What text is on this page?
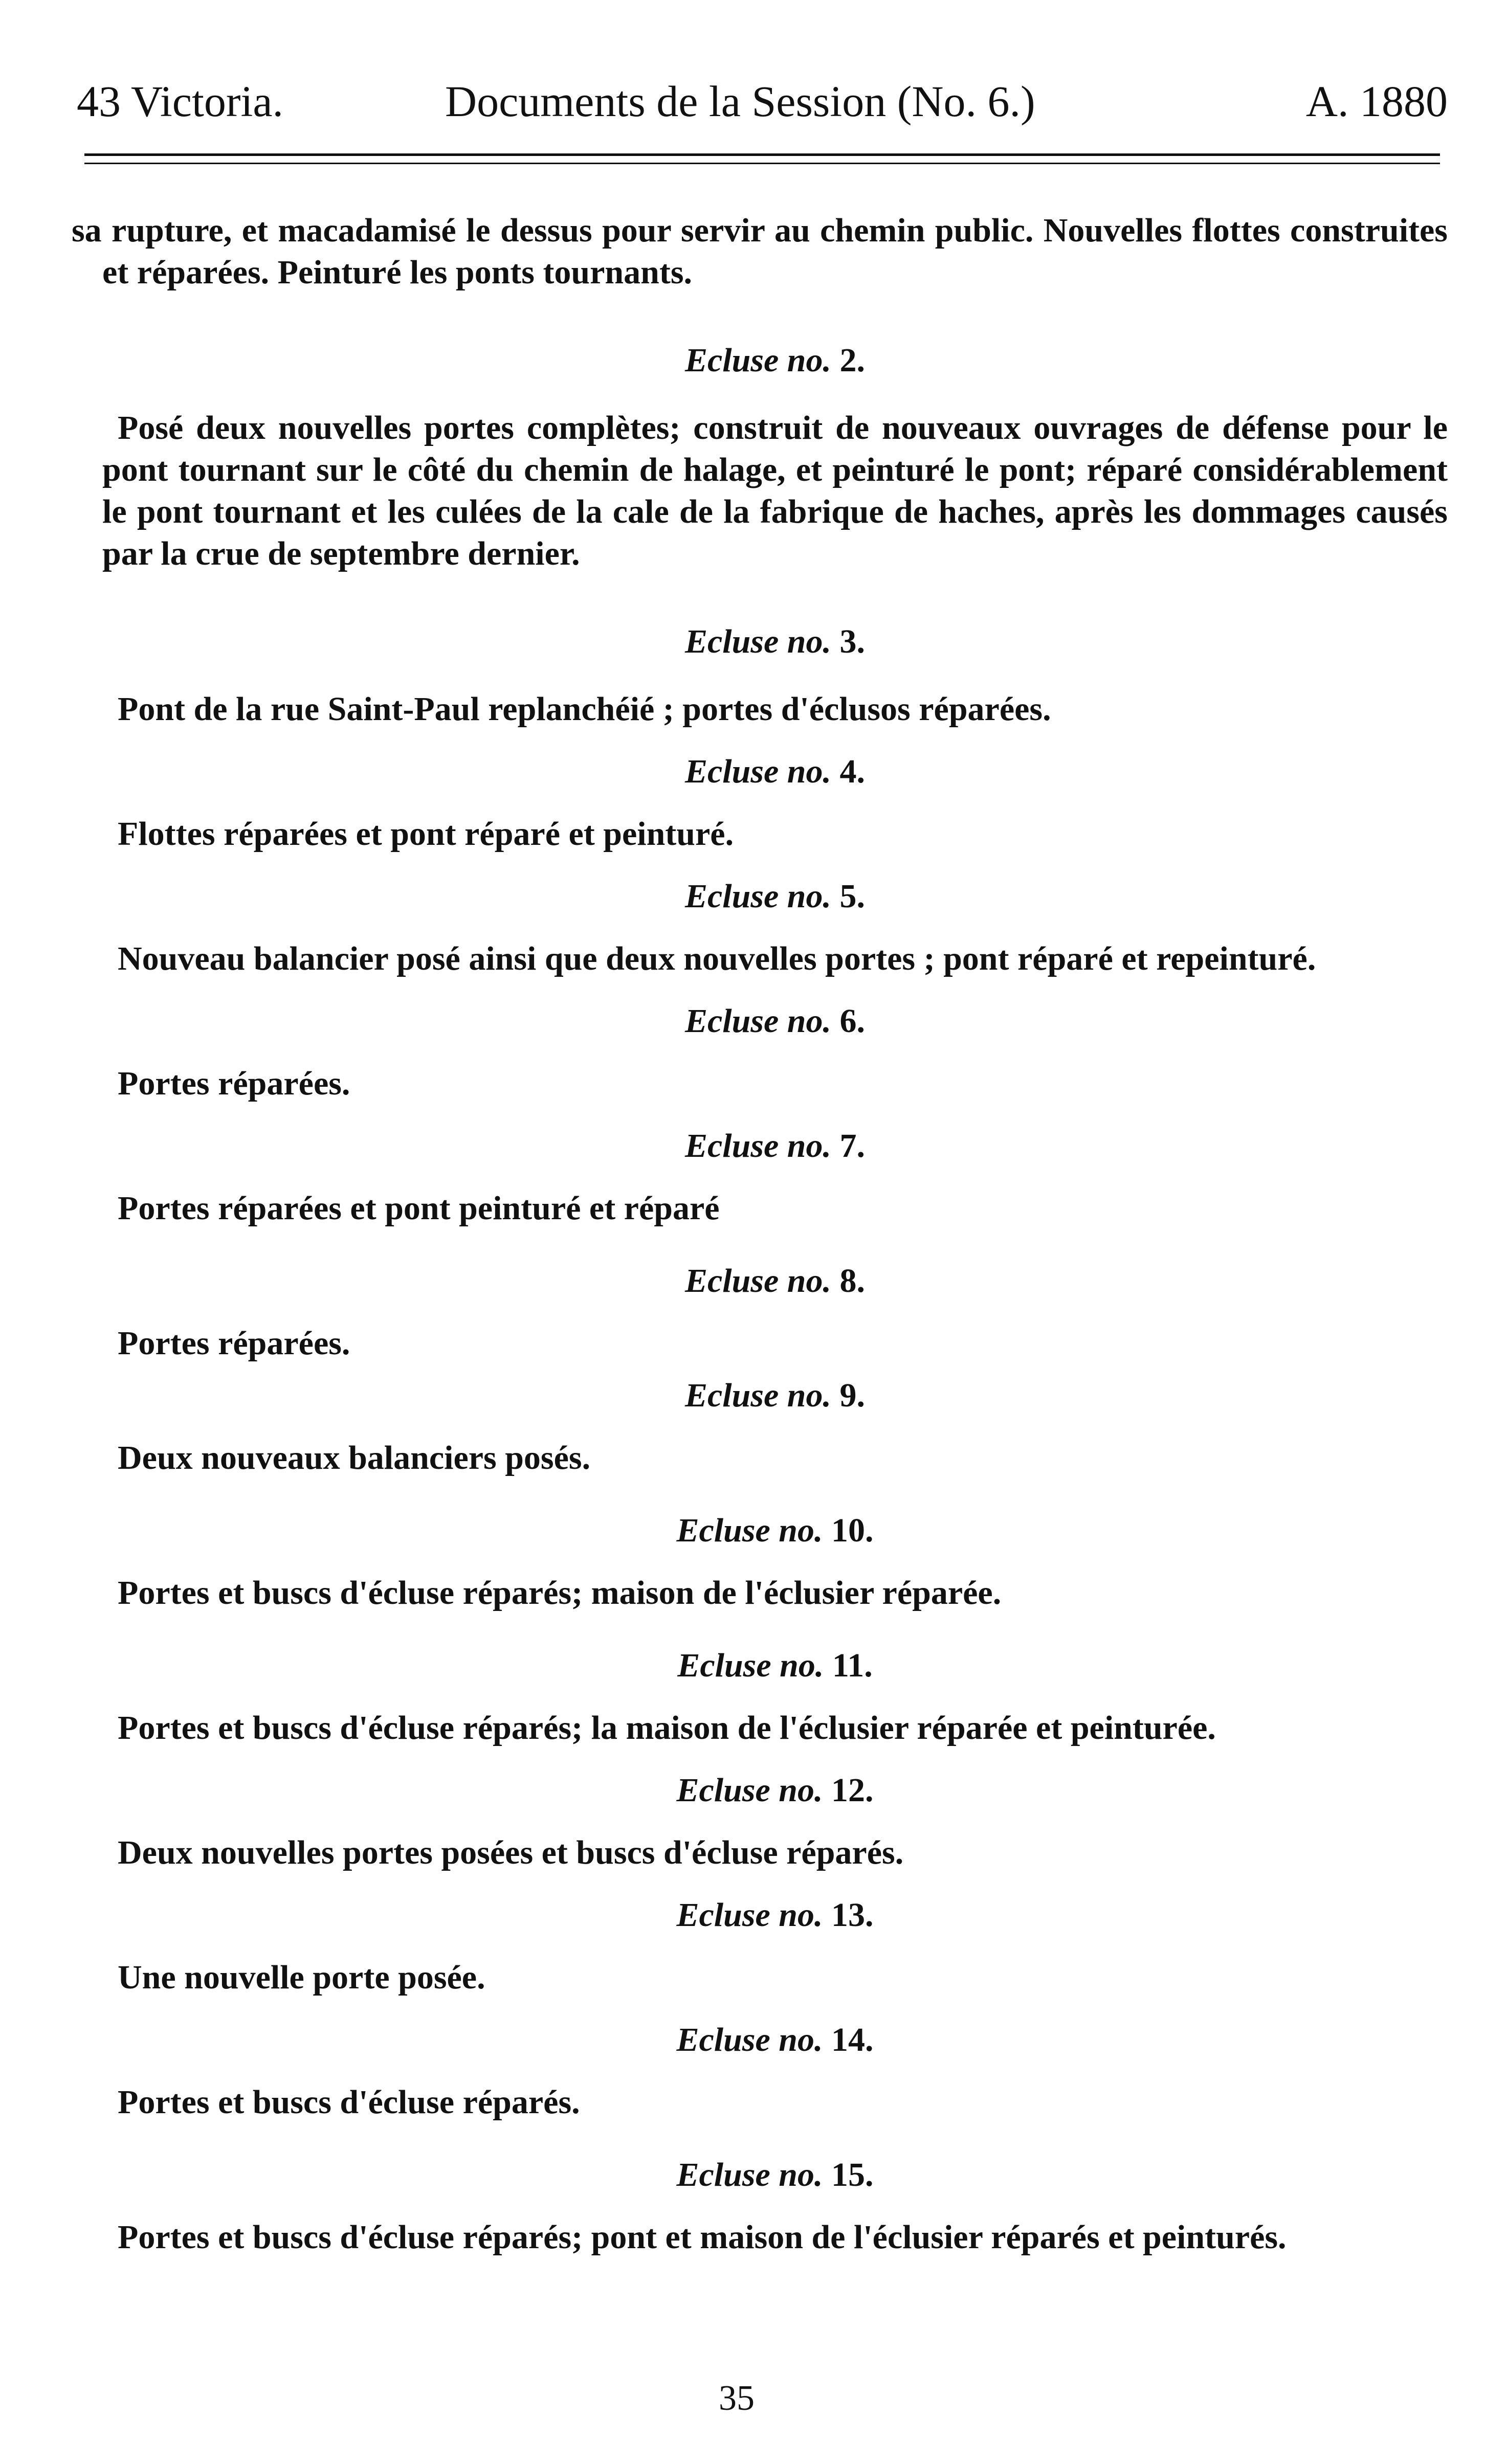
43 Victoria.	Documents de la Session (No. 6.)	A. 1880

sa rupture, et macadamisé le dessus pour servir au chemin public. Nouvelles flottes construites et réparées. Peinturé les ponts tournants.

Ecluse no. 2.

Posé deux nouvelles portes complètes; construit de nouveaux ouvrages de défense pour le pont tournant sur le côté du chemin de halage, et peinturé le pont; réparé considérablement le pont tournant et les culées de la cale de la fabrique de haches, après les dommages causés par la crue de septembre dernier.

Ecluse no. 3.

Pont de la rue Saint-Paul replanchéié ; portes d'éclusos réparées.

Ecluse no. 4.

Flottes réparées et pont réparé et peinturé.

Ecluse no. 5.

Nouveau balancier posé ainsi que deux nouvelles portes ; pont réparé et repeinturé.

Ecluse no. 6.

Portes réparées.

Ecluse no. 7.

Portes réparées et pont peinturé et réparé

Ecluse no. 8.

Portes réparées.

Ecluse no. 9.

Deux nouveaux balanciers posés.

Ecluse no. 10.

Portes et buscs d'écluse réparés; maison de l'éclusier réparée.

Ecluse no. 11.

Portes et buscs d'écluse réparés; la maison de l'éclusier réparée et peinturée.

Ecluse no. 12.

Deux nouvelles portes posées et buscs d'écluse réparés.

Ecluse no. 13.

Une nouvelle porte posée.

Ecluse no. 14.

Portes et buscs d'écluse réparés.

Ecluse no. 15.

Portes et buscs d'écluse réparés; pont et maison de l'éclusier réparés et peinturés.

35
